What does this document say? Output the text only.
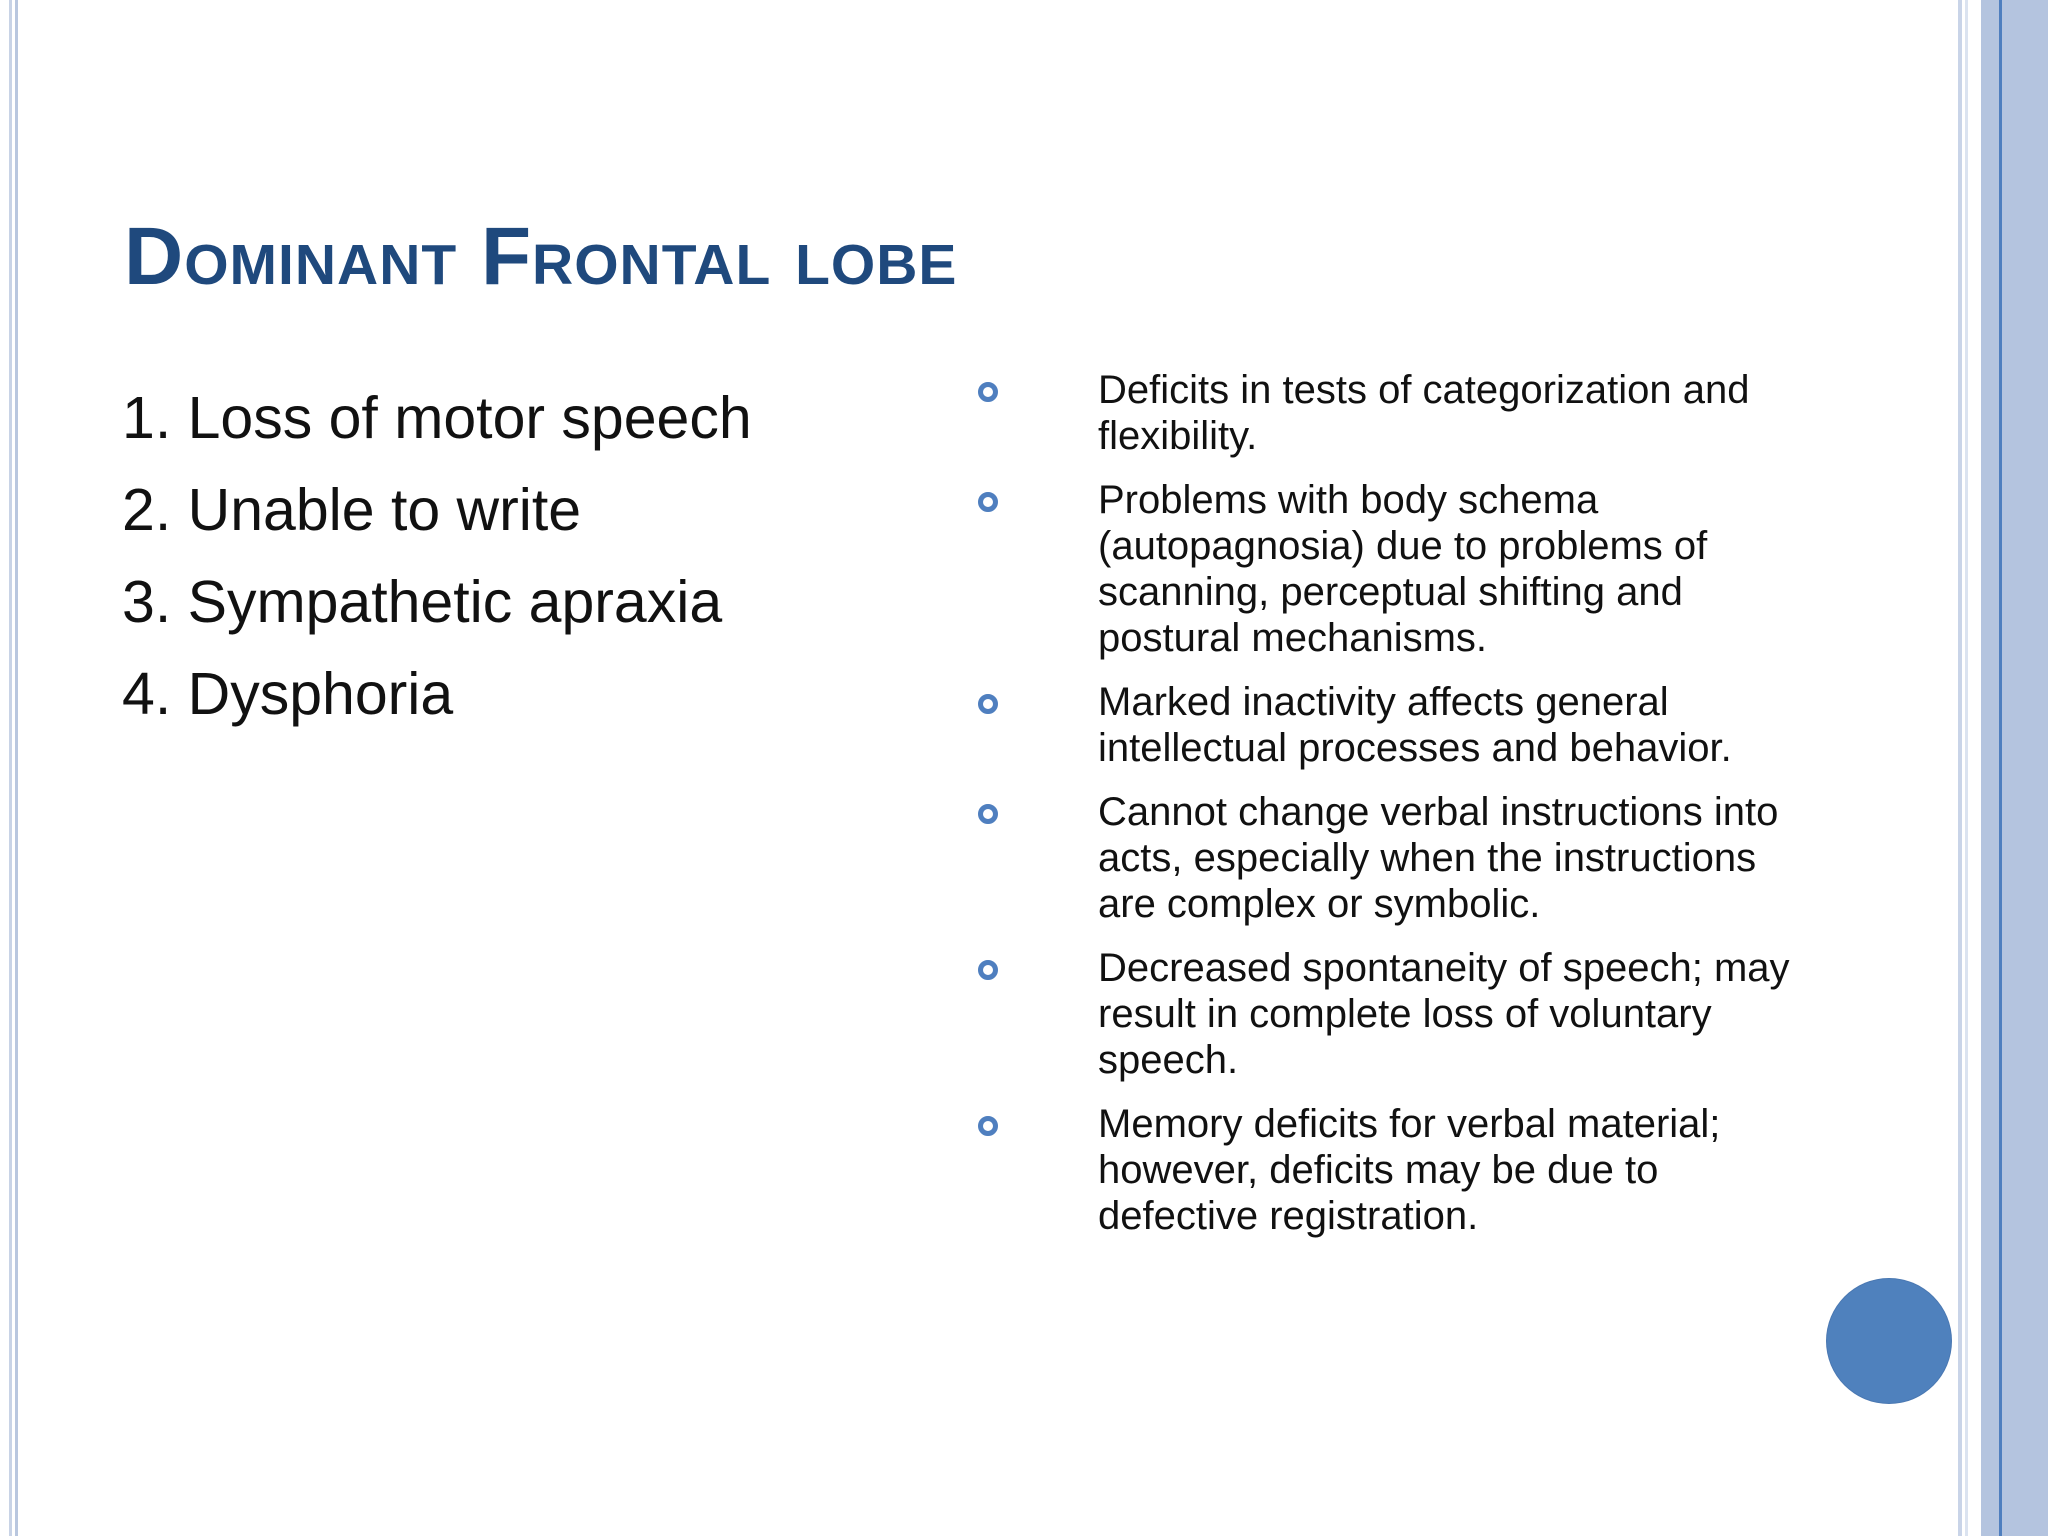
Dominant Frontal lobe
1. Loss of motor speech
2. Unable to write
3. Sympathetic apraxia
4. Dysphoria
Deficits in tests of categorization and flexibility.
Problems with body schema (autopagnosia) due to problems of scanning, perceptual shifting and postural mechanisms.
Marked inactivity affects general intellectual processes and behavior.
Cannot change verbal instructions into acts, especially when the instructions are complex or symbolic.
Decreased spontaneity of speech; may result in complete loss of voluntary speech.
Memory deficits for verbal material; however, deficits may be due to defective registration.
